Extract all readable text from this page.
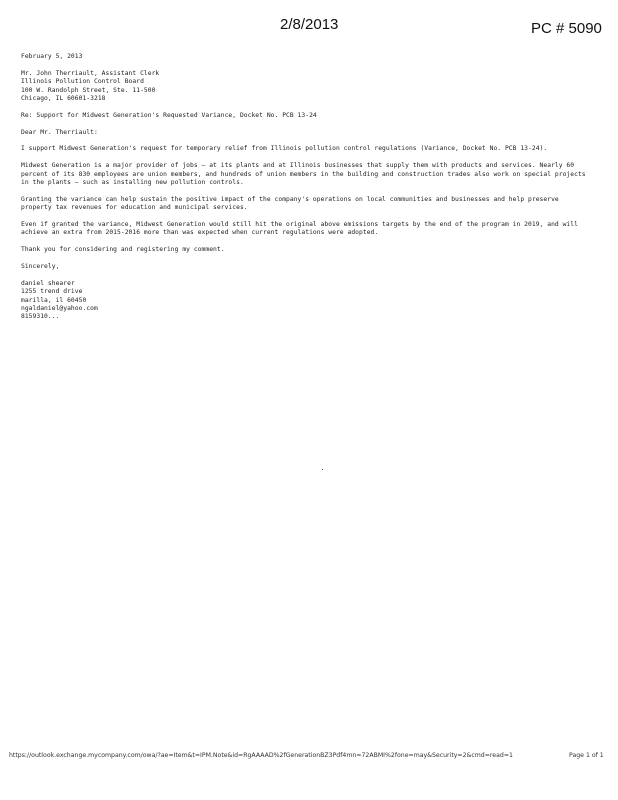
2/8/2013	PC # 5090

February 5, 2013

Mr. John Therriault, Assistant Clerk

Illinois Pollution Control Board

100 W. Randolph Street, Ste. 11-500

Chicago, IL 60601-3218

Re: Support for Midwest Generation's Requested Variance, Docket No. PCB 13-24

Dear Mr. Therriault:

I support Midwest Generation's request for temporary relief from Illinois pollution control regulations (Variance, Docket No. PCB 13-24).

Midwest Generation is a major provider of jobs – at its plants and at Illinois businesses that supply them with products and services. Nearly 60 percent of its 830 employees are union members, and hundreds of union members in the building and construction trades also work on special projects in the plants – such as installing new pollution controls.

Granting the variance can help sustain the positive impact of the company's operations on local communities and businesses and help preserve property tax revenues for education and municipal services.

Even if granted the variance, Midwest Generation would still hit the original above emissions targets by the end of the program in 2019, and will achieve an extra from 2015-2016 more than was expected when current regulations were adopted.

Thank you for considering and registering my comment.

Sincerely,

daniel shearer

1255 trend drive

marilla, il 60450

ngaldaniel@yahoo.com

8159310...

https://outlook.exchange.mycompany.com/owa/?ae=Item&t=IPM.Note&id=RgAAAAD%2fGenerationBZ3Pdf4mn=72ABMI%2fone=may&Security=2&cmd=read=1	Page 1 of 1
